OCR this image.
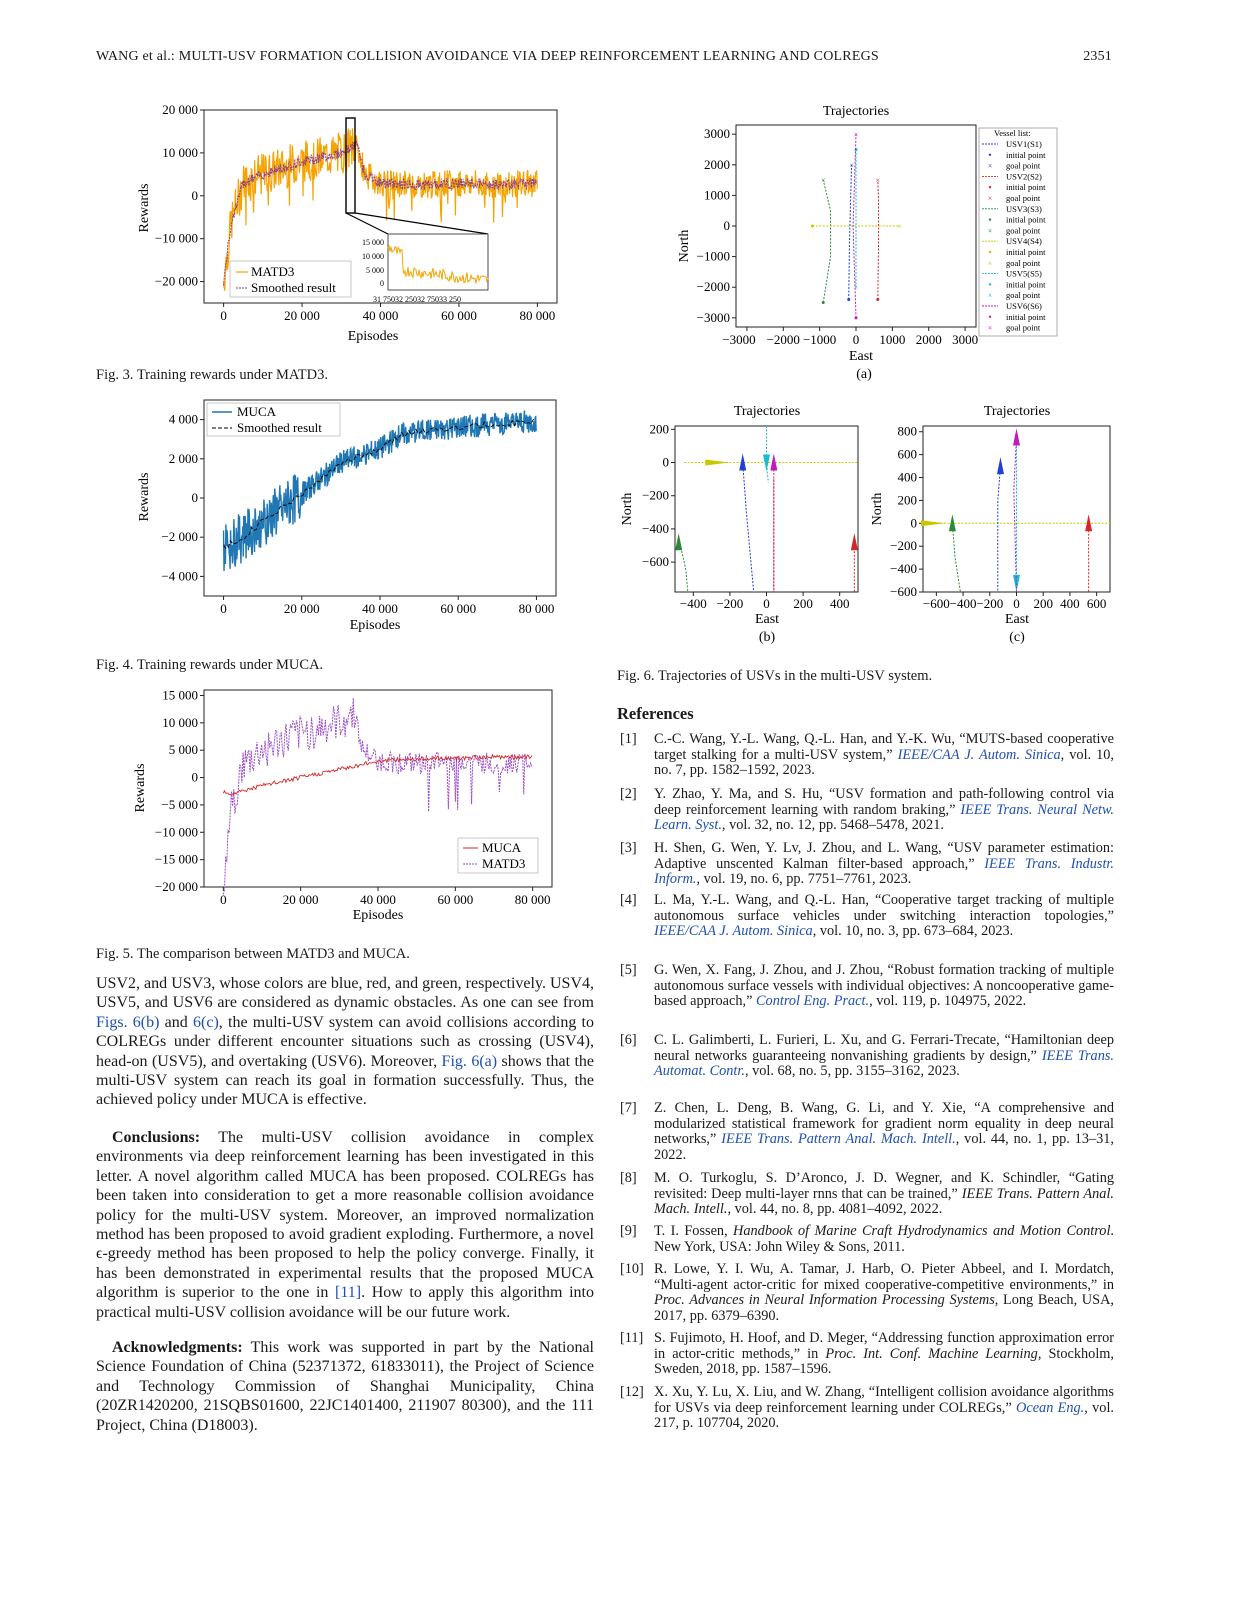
WANG et al.: MULTI-USV FORMATION COLLISION AVOIDANCE VIA DEEP REINFORCEMENT LEARNING AND COLREGS	2351
0	20 000	40 000	60 000	80 000
20 000
10 000
0
−10 000
−20 000
15 000
10 000
5 000
0
31 75032 25032 75033 250
MATD3
Smoothed result
Episodes
Rewards
Fig. 3. Training rewards under MATD3.
0	20 000	40 000	60 000	80 000
4 000
2 000
0
−2 000
−4 000
MUCA
Smoothed result
Episodes
Rewards
Fig. 4. Training rewards under MUCA.
0	20 000	40 000	60 000	80 000
15 000
10 000
5 000
0
−5 000
−10 000
−15 000
−20 000
MUCA
MATD3
Episodes
Rewards
Fig. 5. The comparison between MATD3 and MUCA.
Trajectories
−3000 −2000 −1000 0 1000 2000 3000
3000
2000
1000
0
−1000
−2000
−3000
×
×
×
×
×
×	Vessel list:
USV1(S1)
initial point
× goal point
USV2(S2)
initial point
× goal point
USV3(S3)
initial point
× goal point
USV4(S4)
initial point
× goal point
USV5(S5)
initial point
× goal point
USV6(S6)
initial point
× goal point
East
North
(a)
Trajectories
−400 −200 0 200 400
200
0
−200
−400
−600
East
North
(b)
Trajectories
−600 −400 −200 0 200 400 600
800
600
400
200
0
−200
−400
−600
East
North
(c)
Fig. 6. Trajectories of USVs in the multi-USV system.
USV2, and USV3, whose colors are blue, red, and green, respectively. USV4, USV5, and USV6 are considered as dynamic obstacles. As one can see from Figs. 6(b) and 6(c), the multi-USV system can avoid collisions according to COLREGs under different encounter situations such as crossing (USV4), head-on (USV5), and overtaking (USV6). Moreover, Fig. 6(a) shows that the multi-USV system can reach its goal in formation successfully. Thus, the achieved policy under MUCA is effective.
Conclusions: The multi-USV collision avoidance in complex environments via deep reinforcement learning has been investigated in this letter. A novel algorithm called MUCA has been proposed. COLREGs has been taken into consideration to get a more reasonable collision avoidance policy for the multi-USV system. Moreover, an improved normalization method has been proposed to avoid gradient exploding. Furthermore, a novel ϵ-greedy method has been proposed to help the policy converge. Finally, it has been demonstrated in experimental results that the proposed MUCA algorithm is superior to the one in [11]. How to apply this algorithm into practical multi-USV collision avoidance will be our future work.
Acknowledgments: This work was supported in part by the National Science Foundation of China (52371372, 61833011), the Project of Science and Technology Commission of Shanghai Municipality, China (20ZR1420200, 21SQBS01600, 22JC1401400, 211907 80300), and the 111 Project, China (D18003).
References
[1] C.-C. Wang, Y.-L. Wang, Q.-L. Han, and Y.-K. Wu, “MUTS-based cooperative target stalking for a multi-USV system,” IEEE/CAA J. Autom. Sinica, vol. 10, no. 7, pp. 1582–1592, 2023.
[2] Y. Zhao, Y. Ma, and S. Hu, “USV formation and path-following control via deep reinforcement learning with random braking,” IEEE Trans. Neural Netw. Learn. Syst., vol. 32, no. 12, pp. 5468–5478, 2021.
[3] H. Shen, G. Wen, Y. Lv, J. Zhou, and L. Wang, “USV parameter estimation: Adaptive unscented Kalman filter-based approach,” IEEE Trans. Industr. Inform., vol. 19, no. 6, pp. 7751–7761, 2023.
[4] L. Ma, Y.-L. Wang, and Q.-L. Han, “Cooperative target tracking of multiple autonomous surface vehicles under switching interaction topologies,” IEEE/CAA J. Autom. Sinica, vol. 10, no. 3, pp. 673–684, 2023.
[5] G. Wen, X. Fang, J. Zhou, and J. Zhou, “Robust formation tracking of multiple autonomous surface vessels with individual objectives: A noncooperative game-based approach,” Control Eng. Pract., vol. 119, p. 104975, 2022.
[6] C. L. Galimberti, L. Furieri, L. Xu, and G. Ferrari-Trecate, “Hamiltonian deep neural networks guaranteeing nonvanishing gradients by design,” IEEE Trans. Automat. Contr., vol. 68, no. 5, pp. 3155–3162, 2023.
[7] Z. Chen, L. Deng, B. Wang, G. Li, and Y. Xie, “A comprehensive and modularized statistical framework for gradient norm equality in deep neural networks,” IEEE Trans. Pattern Anal. Mach. Intell., vol. 44, no. 1, pp. 13–31, 2022.
[8] M. O. Turkoglu, S. D’Aronco, J. D. Wegner, and K. Schindler, “Gating revisited: Deep multi-layer rnns that can be trained,” IEEE Trans. Pattern Anal. Mach. Intell., vol. 44, no. 8, pp. 4081–4092, 2022.
[9] T. I. Fossen, Handbook of Marine Craft Hydrodynamics and Motion Control. New York, USA: John Wiley & Sons, 2011.
[10] R. Lowe, Y. I. Wu, A. Tamar, J. Harb, O. Pieter Abbeel, and I. Mordatch, “Multi-agent actor-critic for mixed cooperative-competitive environments,” in Proc. Advances in Neural Information Processing Systems, Long Beach, USA, 2017, pp. 6379–6390.
[11] S. Fujimoto, H. Hoof, and D. Meger, “Addressing function approximation error in actor-critic methods,” in Proc. Int. Conf. Machine Learning, Stockholm, Sweden, 2018, pp. 1587–1596.
[12] X. Xu, Y. Lu, X. Liu, and W. Zhang, “Intelligent collision avoidance algorithms for USVs via deep reinforcement learning under COLREGs,” Ocean Eng., vol. 217, p. 107704, 2020.
